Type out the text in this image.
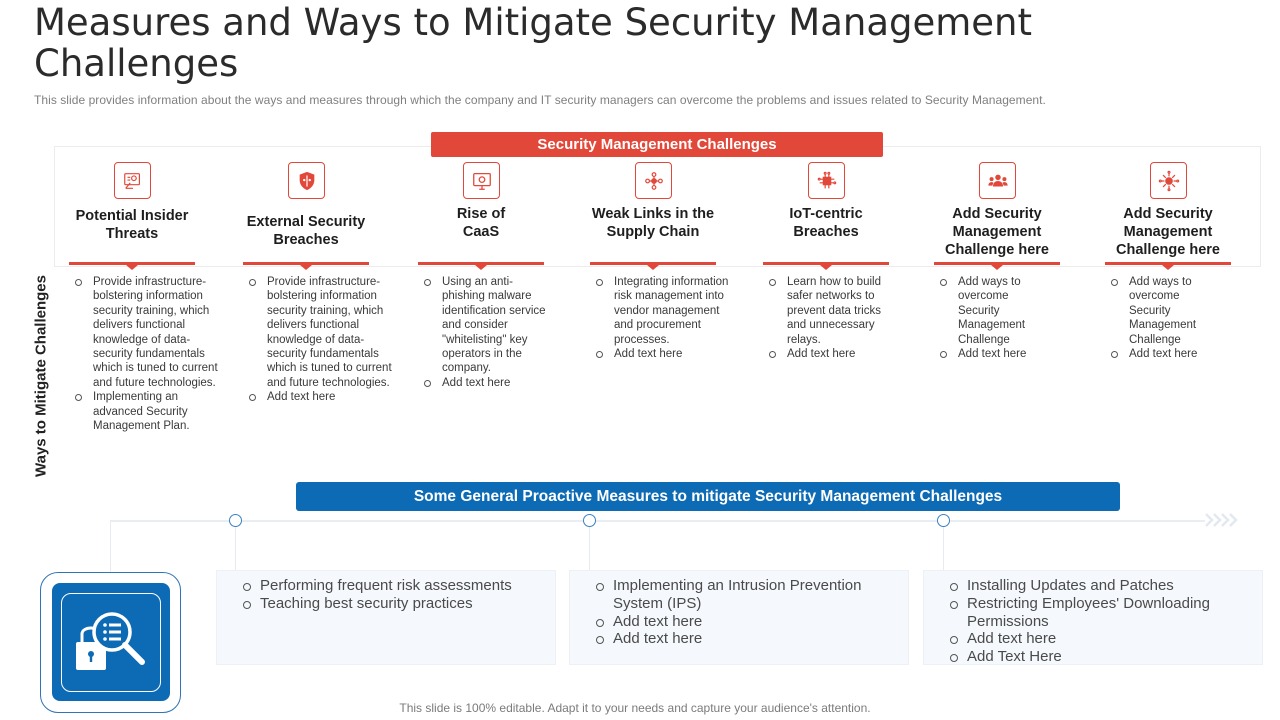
Measures and Ways to Mitigate Security Management Challenges
This slide provides information about the ways and measures through which the company and IT security managers can overcome the problems and issues related to Security Management.
Security Management Challenges
Ways to Mitigate Challenges
Potential Insider
Threats
Provide infrastructure-bolstering information security training, which delivers functional knowledge of data-security fundamentals which is tuned to current and future technologies.
Implementing an advanced Security Management Plan.
External Security
Breaches
Provide infrastructure-bolstering information security training, which delivers functional knowledge of data-security fundamentals which is tuned to current and future technologies.
Add text here
Rise of
CaaS
Using an anti-phishing malware identification service and consider "whitelisting" key operators in the company.
Add text here
Weak Links in the
Supply Chain
Integrating information risk management into vendor management and procurement processes.
Add text here
IoT-centric
Breaches
Learn how to build safer networks to prevent data tricks and unnecessary relays.
Add text here
Add Security
Management
Challenge here
Add ways to overcome Security Management Challenge
Add text here
Add Security
Management
Challenge here
Add ways to overcome Security Management Challenge
Add text here
Some General Proactive Measures to mitigate Security Management Challenges
Performing frequent risk assessments
Teaching best security practices
Implementing an Intrusion Prevention System (IPS)
Add text here
Add text here
Installing Updates and Patches
Restricting Employees' Downloading Permissions
Add text here
Add Text Here
This slide is 100% editable. Adapt it to your needs and capture your audience's attention.
